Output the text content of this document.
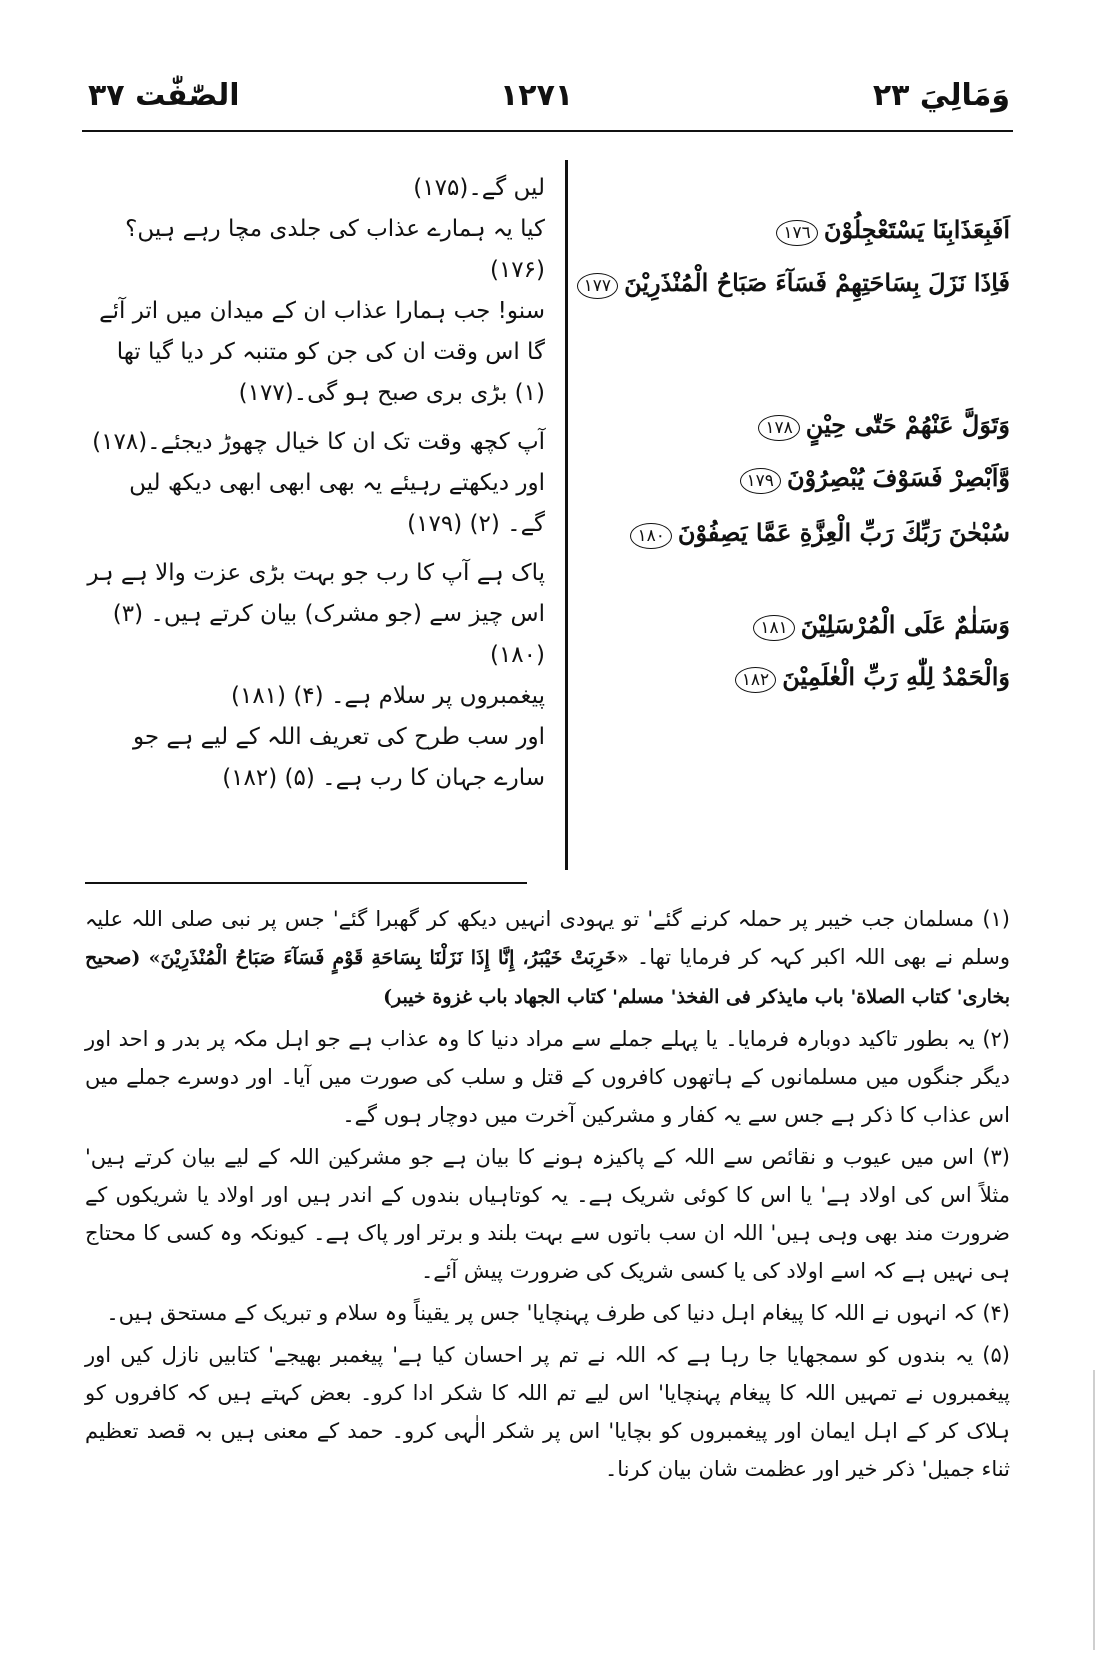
وَمَالِيَ ٢٣
١٢٧١
الصّٰفّٰت ٣٧

لیں گے۔(۱۷۵)

کیا یہ ہمارے عذاب کی جلدی مچا رہے ہیں؟(۱۷۶)

سنو! جب ہمارا عذاب ان کے میدان میں اتر آئے گا اس وقت ان کی جن کو متنبہ کر دیا گیا تھا (۱) بڑی بری صبح ہو گی۔(۱۷۷)

آپ کچھ وقت تک ان کا خیال چھوڑ دیجئے۔(۱۷۸)

اور دیکھتے رہیئے یہ بھی ابھی ابھی دیکھ لیں گے۔ (۲) (۱۷۹)

پاک ہے آپ کا رب جو بہت بڑی عزت والا ہے ہر اس چیز سے (جو مشرک) بیان کرتے ہیں۔ (۳) (۱۸۰)

پیغمبروں پر سلام ہے۔ (۴) (۱۸۱)

اور سب طرح کی تعریف اللہ کے لیے ہے جو سارے جہان کا رب ہے۔ (۵) (۱۸۲)

اَفَبِعَذَابِنَا يَسْتَعْجِلُوْنَ١٧٦
فَاِذَا نَزَلَ بِسَاحَتِهِمْ فَسَآءَ صَبَاحُ الْمُنْذَرِيْنَ١٧٧
وَتَوَلَّ عَنْهُمْ حَتّٰى حِيْنٍ١٧٨
وَّاَبْصِرْ فَسَوْفَ يُبْصِرُوْنَ١٧٩
سُبْحٰنَ رَبِّكَ رَبِّ الْعِزَّةِ عَمَّا يَصِفُوْنَ١٨٠
وَسَلٰمٌ عَلَى الْمُرْسَلِيْنَ١٨١
وَالْحَمْدُ لِلّٰهِ رَبِّ الْعٰلَمِيْنَ١٨٢

(۱) مسلمان جب خیبر پر حملہ کرنے گئے' تو یہودی انہیں دیکھ کر گھبرا گئے' جس پر نبی صلی اللہ علیہ وسلم نے بھی اللہ اکبر کہہ کر فرمایا تھا۔ «خَرِبَتْ خَيْبَرُ، إِنَّا إِذَا نَزَلْنَا بِسَاحَةِ قَوْمٍ فَسَآءَ صَبَاحُ الْمُنْذَرِيْنَ» (صحيح بخاری' كتاب الصلاة' باب مايذكر فى الفخذ' مسلم' كتاب الجهاد باب غزوة خيبر)

(۲) یہ بطور تاکید دوبارہ فرمایا۔ یا پہلے جملے سے مراد دنیا کا وہ عذاب ہے جو اہل مکہ پر بدر و احد اور دیگر جنگوں میں مسلمانوں کے ہاتھوں کافروں کے قتل و سلب کی صورت میں آیا۔ اور دوسرے جملے میں اس عذاب کا ذکر ہے جس سے یہ کفار و مشرکین آخرت میں دوچار ہوں گے۔

(۳) اس میں عیوب و نقائص سے اللہ کے پاکیزہ ہونے کا بیان ہے جو مشرکین اللہ کے لیے بیان کرتے ہیں' مثلاً اس کی اولاد ہے' یا اس کا کوئی شریک ہے۔ یہ کوتاہیاں بندوں کے اندر ہیں اور اولاد یا شریکوں کے ضرورت مند بھی وہی ہیں' اللہ ان سب باتوں سے بہت بلند و برتر اور پاک ہے۔ کیونکہ وہ کسی کا محتاج ہی نہیں ہے کہ اسے اولاد کی یا کسی شریک کی ضرورت پیش آئے۔

(۴) کہ انہوں نے اللہ کا پیغام اہل دنیا کی طرف پہنچایا' جس پر یقیناً وہ سلام و تبریک کے مستحق ہیں۔

(۵) یہ بندوں کو سمجھایا جا رہا ہے کہ اللہ نے تم پر احسان کیا ہے' پیغمبر بھیجے' کتابیں نازل کیں اور پیغمبروں نے تمہیں اللہ کا پیغام پہنچایا' اس لیے تم اللہ کا شکر ادا کرو۔ بعض کہتے ہیں کہ کافروں کو ہلاک کر کے اہل ایمان اور پیغمبروں کو بچایا' اس پر شکر الٰہی کرو۔ حمد کے معنی ہیں بہ قصد تعظیم ثناء جمیل' ذکر خیر اور عظمت شان بیان کرنا۔
